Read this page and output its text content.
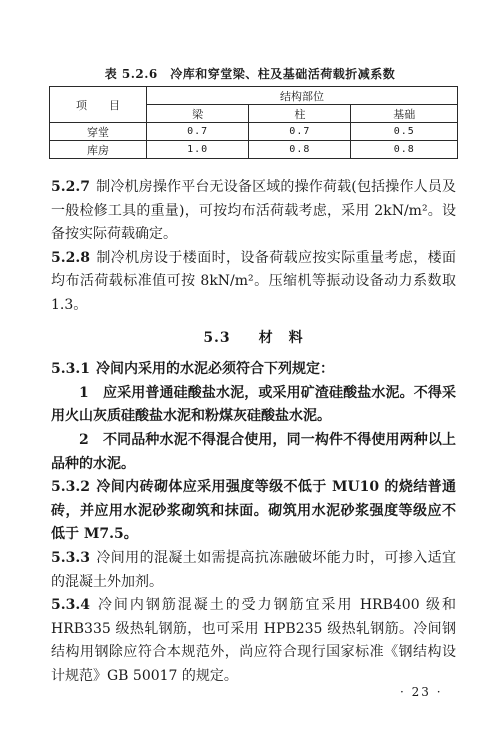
表 5.2.6　冷库和穿堂梁、柱及基础活荷载折减系数
项　　目	结构部位		
	梁	柱	基础
穿堂	0.7	0.7	0.5
库房	1.0	0.8	0.8

5.2.7 制冷机房操作平台无设备区域的操作荷载(包括操作人员及一般检修工具的重量)，可按均布活荷载考虑，采用 2kN/m²。设备按实际荷载确定。

5.2.8 制冷机房设于楼面时，设备荷载应按实际重量考虑，楼面均布活荷载标准值可按 8kN/m²。压缩机等振动设备动力系数取 1.3。

5.3 材　料

5.3.1 冷间内采用的水泥必须符合下列规定：

1　应采用普通硅酸盐水泥，或采用矿渣硅酸盐水泥。不得采用火山灰质硅酸盐水泥和粉煤灰硅酸盐水泥。

2　不同品种水泥不得混合使用，同一构件不得使用两种以上品种的水泥。

5.3.2 冷间内砖砌体应采用强度等级不低于 MU10 的烧结普通砖，并应用水泥砂浆砌筑和抹面。砌筑用水泥砂浆强度等级应不低于 M7.5。

5.3.3 冷间用的混凝土如需提高抗冻融破坏能力时，可掺入适宜的混凝土外加剂。

5.3.4 冷间内钢筋混凝土的受力钢筋宜采用 HRB400 级和 HRB335 级热轧钢筋，也可采用 HPB235 级热轧钢筋。冷间钢结构用钢除应符合本规范外，尚应符合现行国家标准《钢结构设计规范》GB 50017 的规定。

· 23 ·
